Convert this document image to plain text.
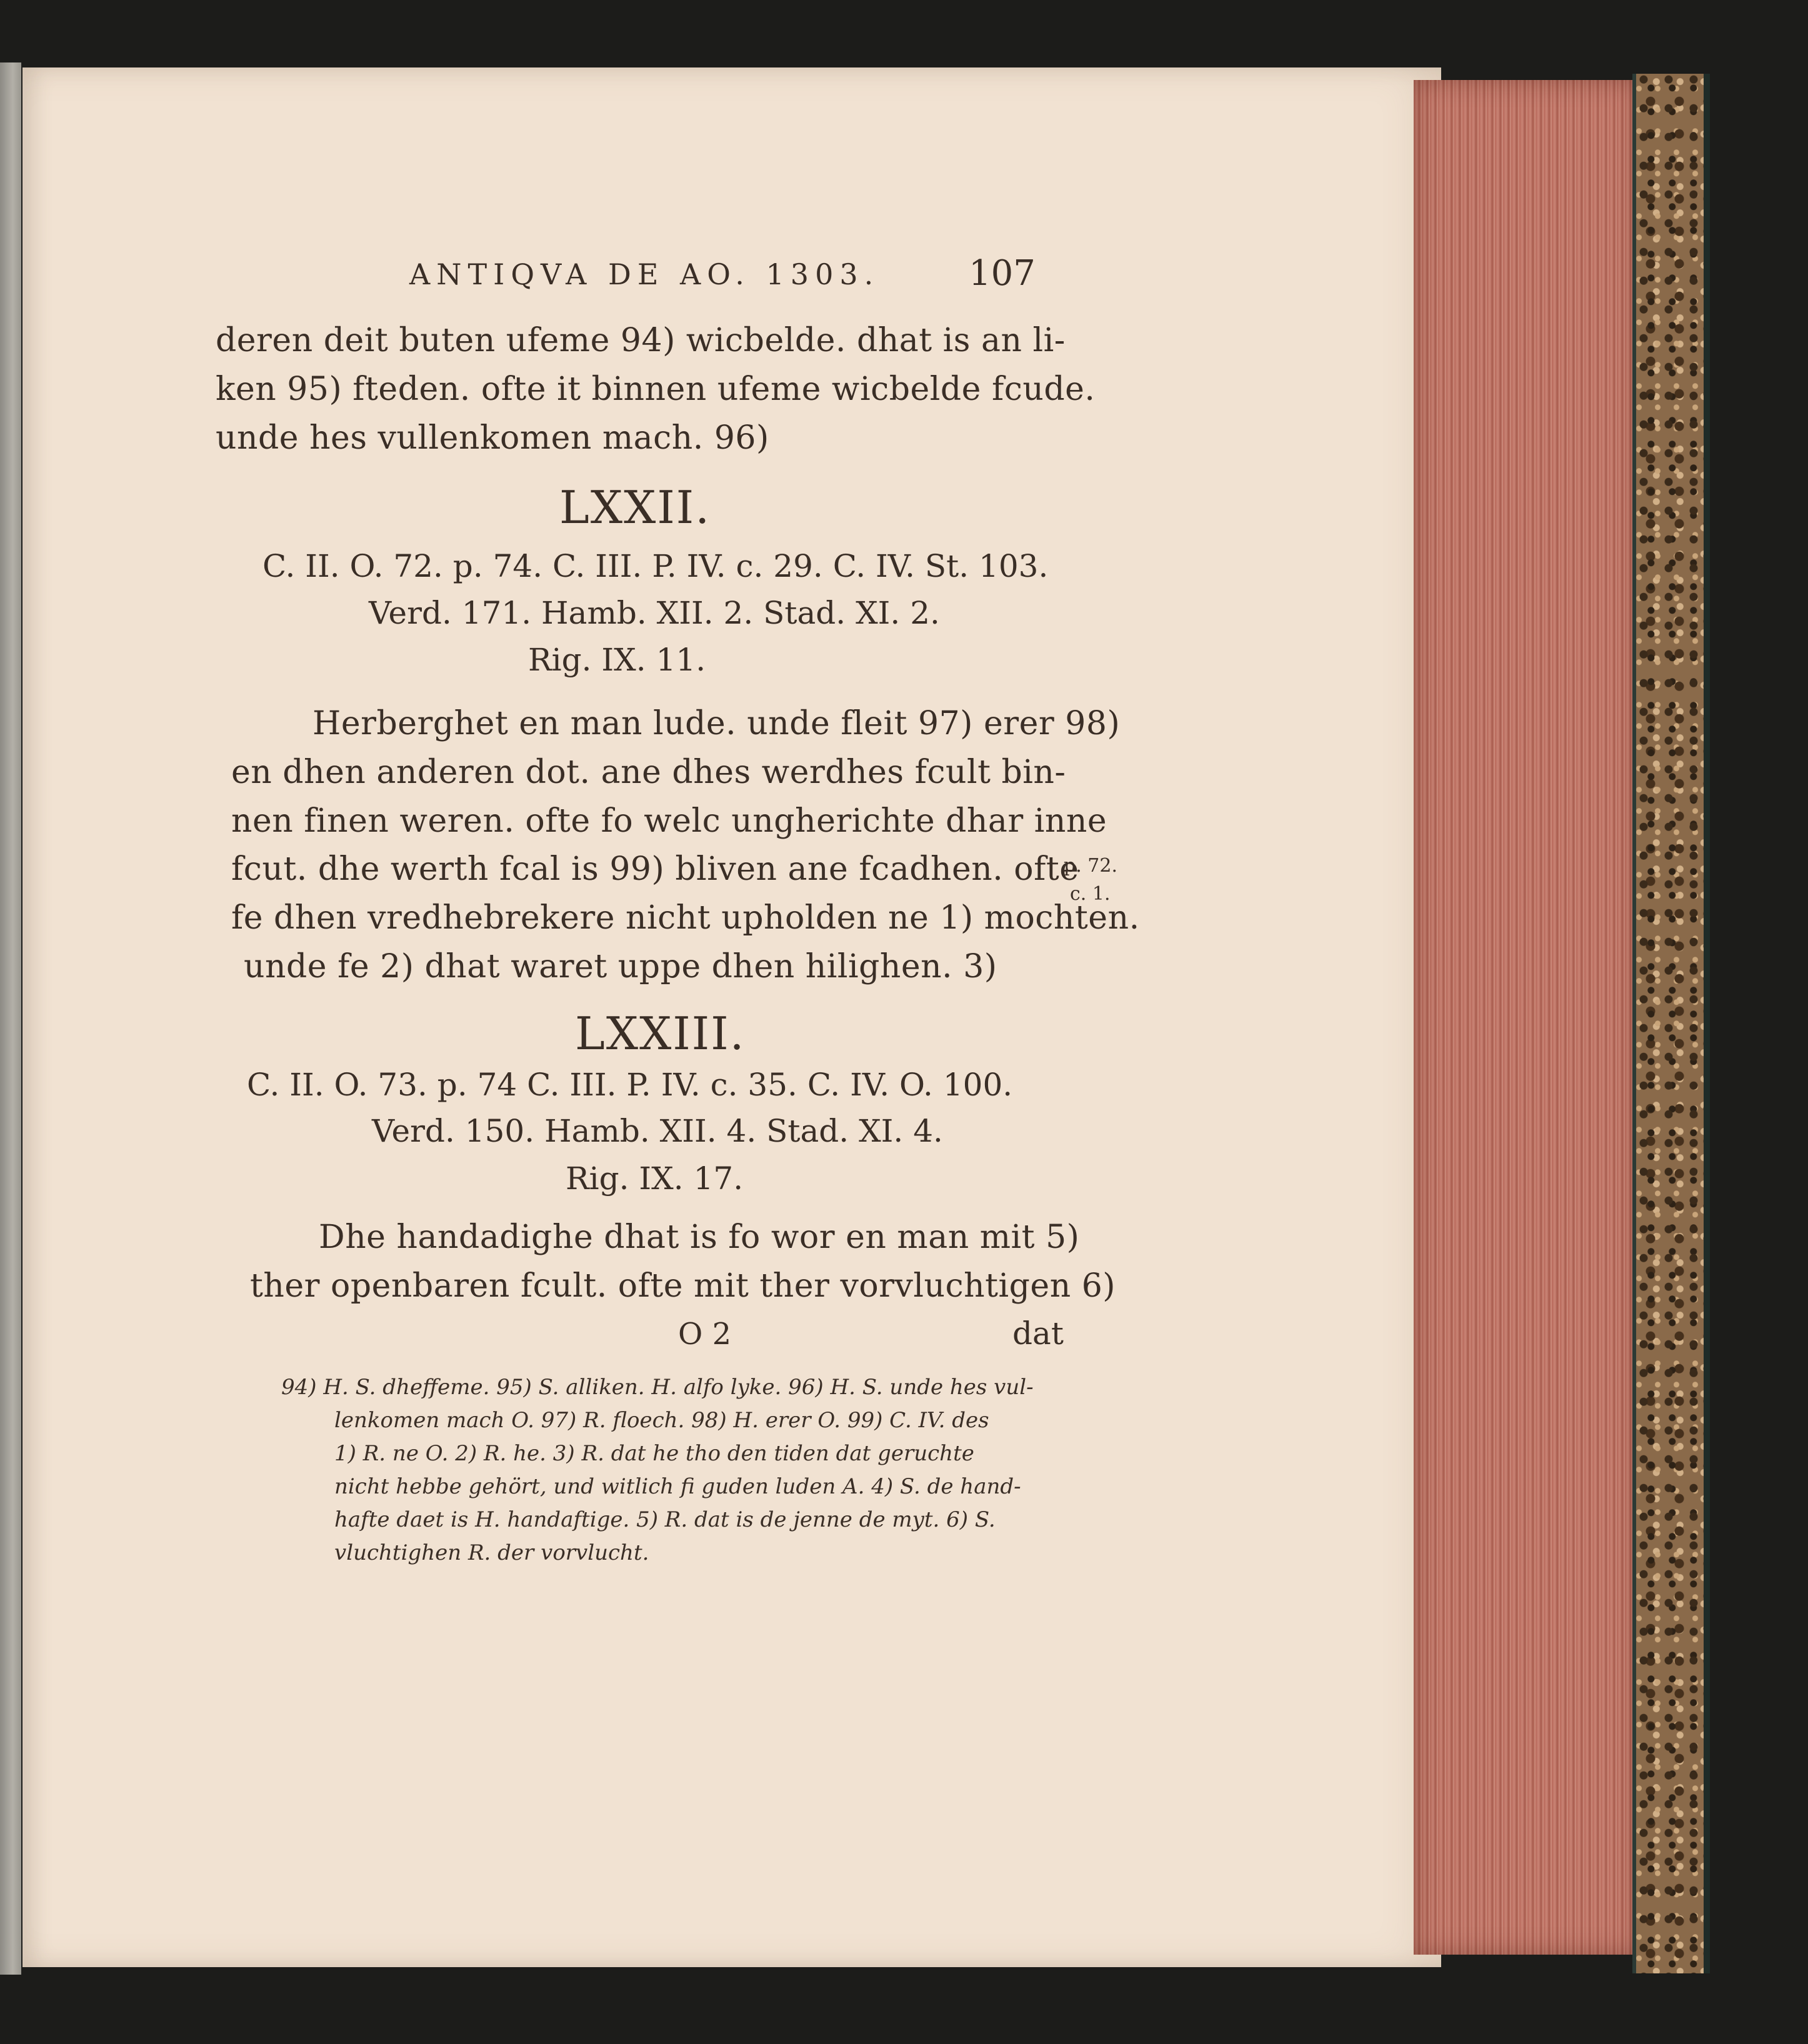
ANTIQVA DE AO. 1303.	107
deren deit buten ufeme 94) wicbelde. dhat is an li-
ken 95) fteden. ofte it binnen ufeme wicbelde fcude.
unde hes vullenkomen mach. 96)
LXXII.
C. II. O. 72. p. 74. C. III. P. IV. c. 29. C. IV. St. 103.
Verd. 171. Hamb. XII. 2. Stad. XI. 2.
Rig. IX. 11.
Herberghet en man lude. unde fleit 97) erer 98)
en dhen anderen dot. ane dhes werdhes fcult bin-
nen finen weren. ofte fo welc ungherichte dhar inne
fcut. dhe werth fcal is 99) bliven ane fcadhen. ofte
fe dhen vredhebrekere nicht upholden ne 1) mochten.
unde fe 2) dhat waret uppe dhen hilighen. 3)
p. 72.
c. 1.
LXXIII.
C. II. O. 73. p. 74 C. III. P. IV. c. 35. C. IV. O. 100.
Verd. 150. Hamb. XII. 4. Stad. XI. 4.
Rig. IX. 17.
Dhe handadighe dhat is fo wor en man mit 5)
ther openbaren fcult. ofte mit ther vorvluchtigen 6)
O 2	dat
94) H. S. dheffeme. 95) S. alliken. H. alfo lyke. 96) H. S. unde hes vul-
lenkomen mach O. 97) R. floech. 98) H. erer O. 99) C. IV. des
1) R. ne O. 2) R. he. 3) R. dat he tho den tiden dat geruchte
nicht hebbe gehört, und witlich fi guden luden A. 4) S. de hand-
hafte daet is H. handaftige. 5) R. dat is de jenne de myt. 6) S.
vluchtighen R. der vorvlucht.
